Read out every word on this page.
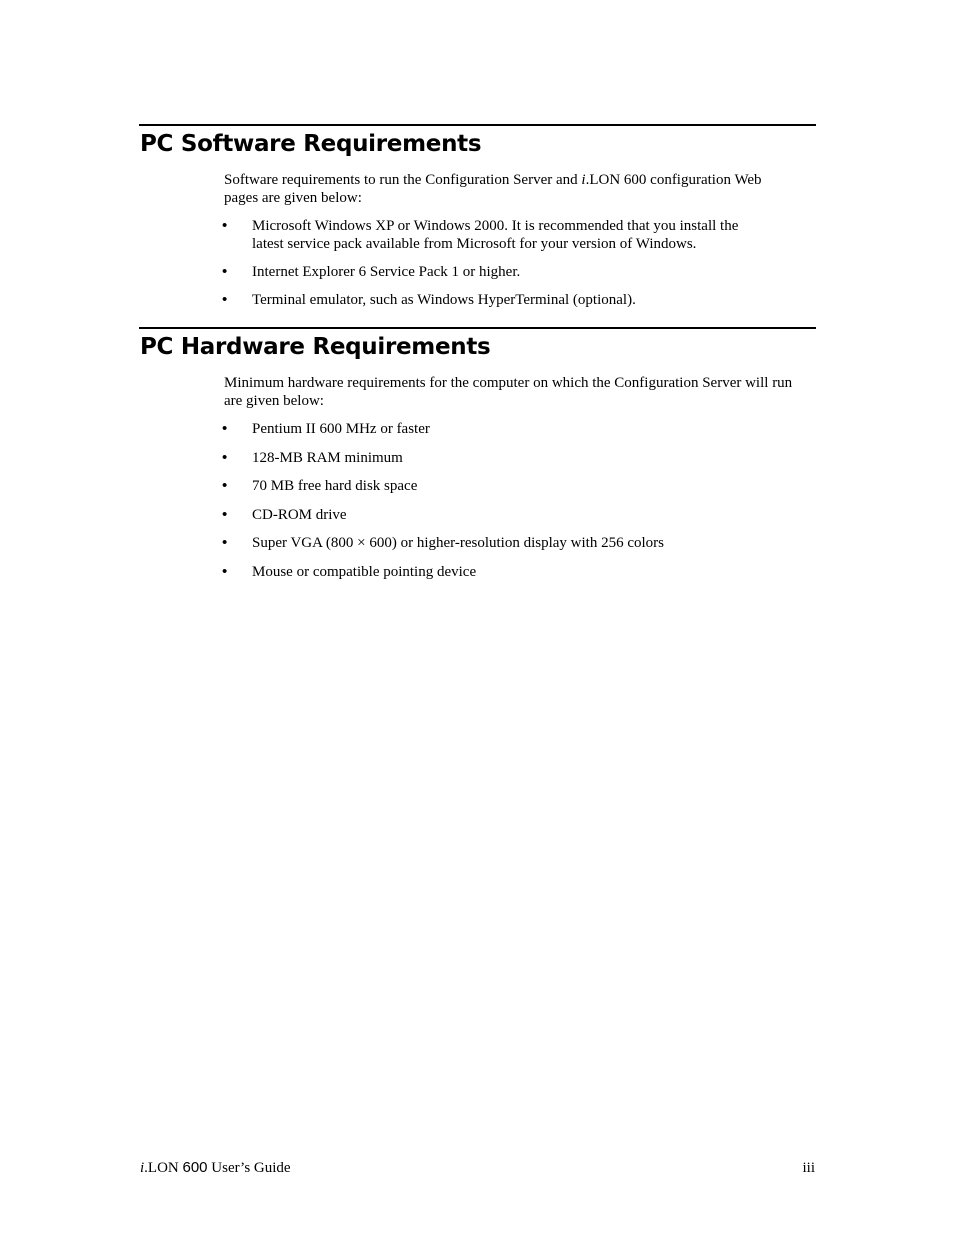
PC Software Requirements

Software requirements to run the Configuration Server and i.LON 600 configuration Web pages are given below:

• Microsoft Windows XP or Windows 2000. It is recommended that you install the latest service pack available from Microsoft for your version of Windows.
• Internet Explorer 6 Service Pack 1 or higher.
• Terminal emulator, such as Windows HyperTerminal (optional).
PC Hardware Requirements

Minimum hardware requirements for the computer on which the Configuration Server will run are given below:

• Pentium II 600 MHz or faster
• 128-MB RAM minimum
• 70 MB free hard disk space
• CD-ROM drive
• Super VGA (800 × 600) or higher-resolution display with 256 colors
• Mouse or compatible pointing device
i.LON 600 User’s Guide	iii
